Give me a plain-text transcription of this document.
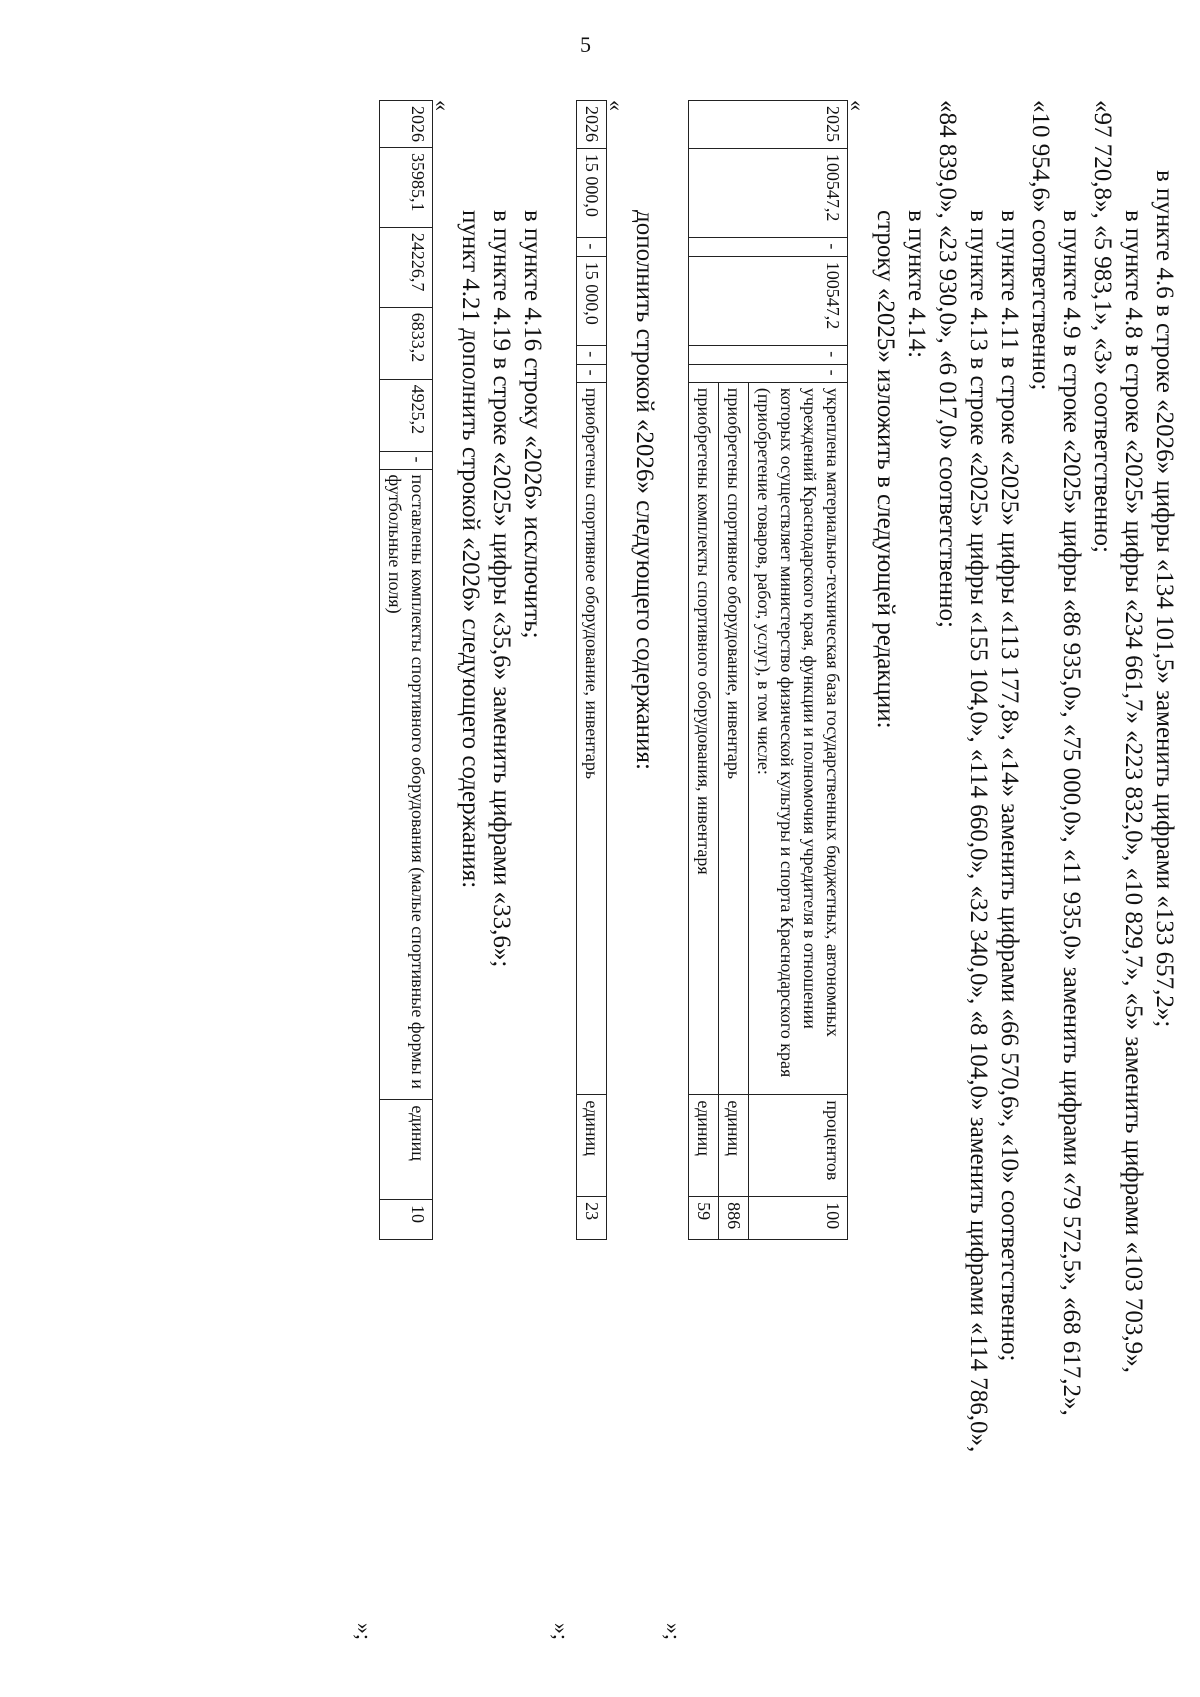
5

в пункте 4.6 в строке «2026» цифры «134 101,5» заменить цифрами «133 657,2»;

в пункте 4.8 в строке «2025» цифры «234 661,7» «223 832,0», «10 829,7», «5» заменить цифрами «103 703,9»,

«97 720,8», «5 983,1», «3» соответственно;

в пункте 4.9 в строке «2025» цифры «86 935,0», «75 000,0», «11 935,0» заменить цифрами «79 572,5», «68 617,2»,

«10 954,6» соответственно;

в пункте 4.11 в строке «2025» цифры «113 177,8», «14» заменить цифрами «66 570,6», «10» соответственно;

в пункте 4.13 в строке «2025» цифры «155 104,0», «114 660,0», «32 340,0», «8 104,0» заменить цифрами «114 786,0»,

«84 839,0», «23 930,0», «6 017,0» соответственно;

в пункте 4.14:

строку «2025» изложить в следующей редакции:

«

2025	100547,2	-	100547,2	-	-	укреплена материально-техническая база государственных бюджетных, автономных учреждений Краснодарского края, функции и полномочия учредителя в отношении которых осуществляет министерство физической культуры и спорта Краснодарского края (приобретение товаров, работ, услуг), в том числе:	процентов	100
						приобретены спортивное оборудование, инвентарь	единиц	886
						приобретены комплекты спортивного оборудования, инвентаря	единиц	59

»;

дополнить строкой «2026» следующего содержания:

«

2026	15 000,0	-	15 000,0	-	-	приобретены спортивное оборудование, инвентарь	единиц	23

»;

в пункте 4.16 строку «2026» исключить;

в пункте 4.19 в строке «2025» цифры «35,6» заменить цифрами «33,6»;

пункт 4.21 дополнить строкой «2026» следующего содержания:

«

2026	35985,1	24226,7	6833,2	4925,2	-	поставлены комплекты спортивного оборудования (малые спортивные формы и футбольные поля)	единиц	10

»;
